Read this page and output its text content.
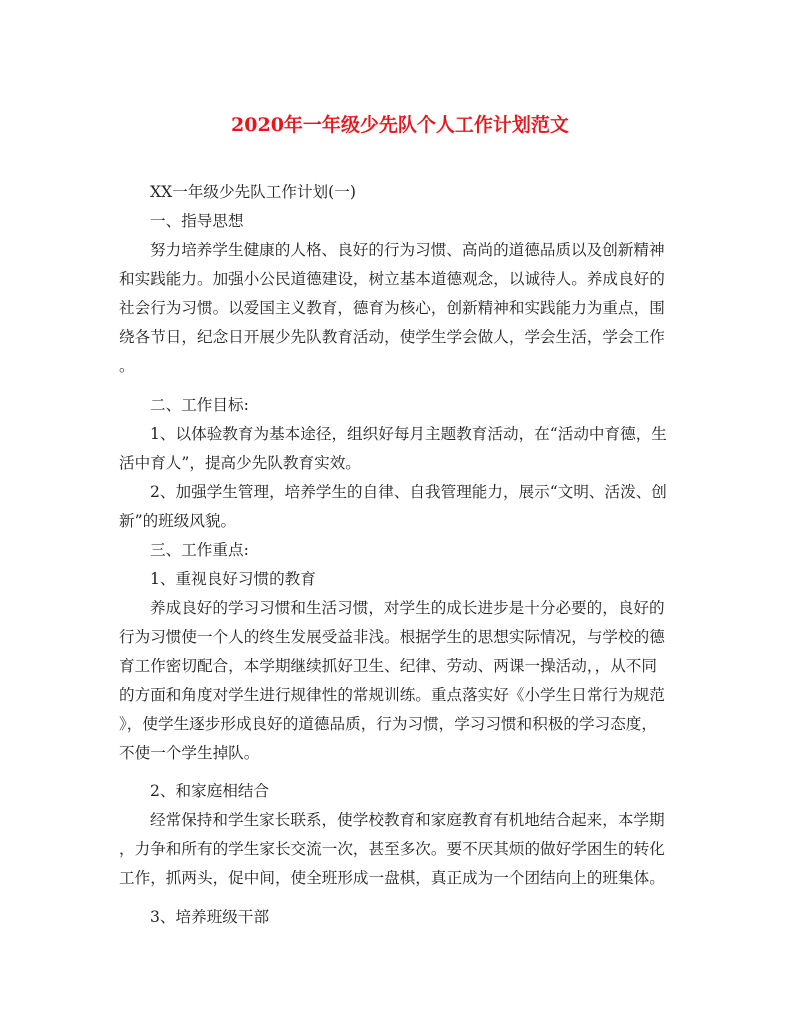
2020年一年级少先队个人工作计划范文
XX一年级少先队工作计划(一)
一、指导思想
努力培养学生健康的人格、良好的行为习惯、高尚的道德品质以及创新精神
和实践能力。加强小公民道德建设，树立基本道德观念，以诚待人。养成良好的
社会行为习惯。以爱国主义教育，德育为核心，创新精神和实践能力为重点，围
绕各节日，纪念日开展少先队教育活动，使学生学会做人，学会生活，学会工作
。
二、工作目标:
1、以体验教育为基本途径，组织好每月主题教育活动，在“活动中育德，生
活中育人”，提高少先队教育实效。
2、加强学生管理，培养学生的自律、自我管理能力，展示“文明、活泼、创
新”的班级风貌。
三、工作重点:
1、重视良好习惯的教育
养成良好的学习习惯和生活习惯，对学生的成长进步是十分必要的，良好的
行为习惯使一个人的终生发展受益非浅。根据学生的思想实际情况，与学校的德
育工作密切配合，本学期继续抓好卫生、纪律、劳动、两课一操活动，，从不同
的方面和角度对学生进行规律性的常规训练。重点落实好《小学生日常行为规范
》，使学生逐步形成良好的道德品质，行为习惯，学习习惯和积极的学习态度，
不使一个学生掉队。
2、和家庭相结合
经常保持和学生家长联系，使学校教育和家庭教育有机地结合起来，本学期
，力争和所有的学生家长交流一次，甚至多次。要不厌其烦的做好学困生的转化
工作，抓两头，促中间，使全班形成一盘棋，真正成为一个团结向上的班集体。
3、培养班级干部
